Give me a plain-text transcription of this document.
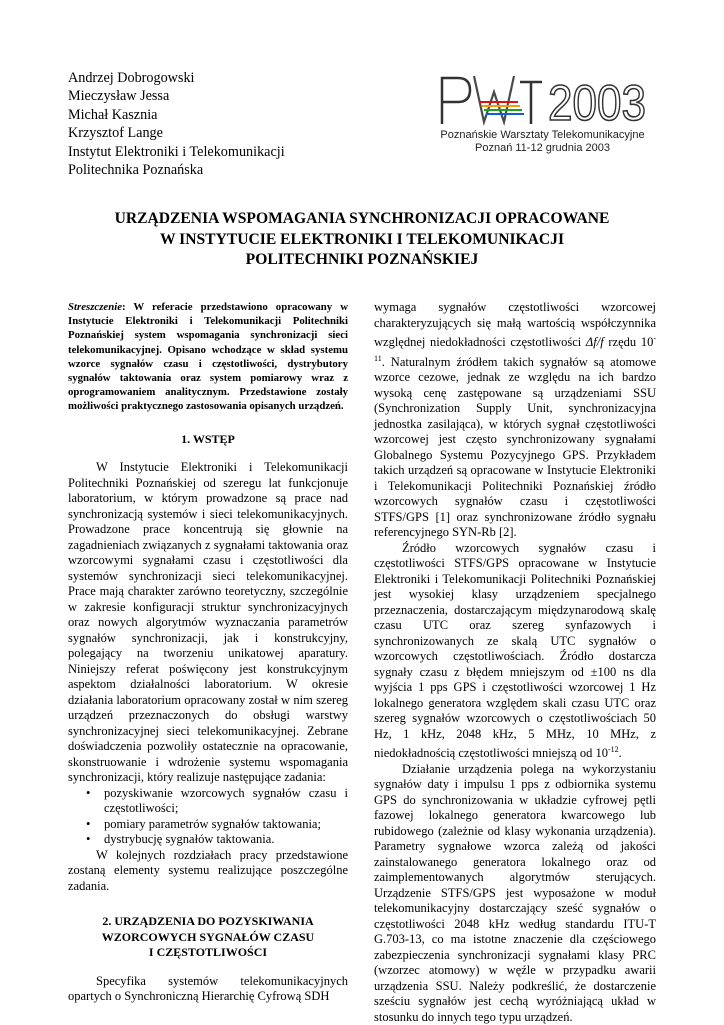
Andrzej Dobrogowski
Mieczysław Jessa
Michał Kasznia
Krzysztof Lange
Instytut Elektroniki i Telekomunikacji
Politechnika Poznańska
2003
Poznańskie Warsztaty Telekomunikacyjne
Poznań 11-12 grudnia 2003
URZĄDZENIA WSPOMAGANIA SYNCHRONIZACJI OPRACOWANE
W INSTYTUCIE ELEKTRONIKI I TELEKOMUNIKACJI
POLITECHNIKI POZNAŃSKIEJ

Streszczenie: W referacie przedstawiono opracowany w Instytucie Elektroniki i Telekomunikacji Politechniki Poznańskiej system wspomagania synchronizacji sieci telekomunikacyjnej. Opisano wchodzące w skład systemu wzorce sygnałów czasu i częstotliwości, dystrybutory sygnałów taktowania oraz system pomiarowy wraz z oprogramowaniem analitycznym. Przedstawione zostały możliwości praktycznego zastosowania opisanych urządzeń.

1. WSTĘP

W Instytucie Elektroniki i Telekomunikacji Politechniki Poznańskiej od szeregu lat funkcjonuje laboratorium, w którym prowadzone są prace nad synchronizacją systemów i sieci telekomunikacyjnych. Prowadzone prace koncentrują się głownie na zagadnieniach związanych z sygnałami taktowania oraz wzorcowymi sygnałami czasu i częstotliwości dla systemów synchronizacji sieci telekomunikacyjnej. Prace mają charakter zarówno teoretyczny, szczególnie w zakresie konfiguracji struktur synchronizacyjnych oraz nowych algorytmów wyznaczania parametrów sygnałów synchronizacji, jak i konstrukcyjny, polegający na tworzeniu unikatowej aparatury. Niniejszy referat poświęcony jest konstrukcyjnym aspektom działalności laboratorium. W okresie działania laboratorium opracowany został w nim szereg urządzeń przeznaczonych do obsługi warstwy synchronizacyjnej sieci telekomunikacyjnej. Zebrane doświadczenia pozwoliły ostatecznie na opracowanie, skonstruowanie i wdrożenie systemu wspomagania synchronizacji, który realizuje następujące zadania:

• pozyskiwanie wzorcowych sygnałów czasu i częstotliwości;
• pomiary parametrów sygnałów taktowania;
• dystrybucję sygnałów taktowania.

W kolejnych rozdziałach pracy przedstawione zostaną elementy systemu realizujące poszczególne zadania.

2. URZĄDZENIA DO POZYSKIWANIA
WZORCOWYCH SYGNAŁÓW CZASU
I CZĘSTOTLIWOŚCI

Specyfika systemów telekomunikacyjnych opartych o Synchroniczną Hierarchię Cyfrową SDH

wymaga sygnałów częstotliwości wzorcowej charakteryzujących się małą wartością współczynnika względnej niedokładności częstotliwości Δf/f rzędu $10^{-11}$. Naturalnym źródłem takich sygnałów są atomowe wzorce cezowe, jednak ze względu na ich bardzo wysoką cenę zastępowane są urządzeniami SSU (Synchronization Supply Unit, synchronizacyjna jednostka zasilająca), w których sygnał częstotliwości wzorcowej jest często synchronizowany sygnałami Globalnego Systemu Pozycyjnego GPS. Przykładem takich urządzeń są opracowane w Instytucie Elektroniki i Telekomunikacji Politechniki Poznańskiej źródło wzorcowych sygnałów czasu i częstotliwości STFS/GPS [1] oraz synchronizowane źródło sygnału referencyjnego SYN-Rb [2].

Źródło wzorcowych sygnałów czasu i częstotliwości STFS/GPS opracowane w Instytucie Elektroniki i Telekomunikacji Politechniki Poznańskiej jest wysokiej klasy urządzeniem specjalnego przeznaczenia, dostarczającym międzynarodową skalę czasu UTC oraz szereg synfazowych i synchronizowanych ze skalą UTC sygnałów o wzorcowych częstotliwościach. Źródło dostarcza sygnały czasu z błędem mniejszym od ±100 ns dla wyjścia 1 pps GPS i częstotliwości wzorcowej 1 Hz lokalnego generatora względem skali czasu UTC oraz szereg sygnałów wzorcowych o częstotliwościach 50 Hz, 1 kHz, 2048 kHz, 5 MHz, 10 MHz, z niedokładnością częstotliwości mniejszą od $10^{-12}$.

Działanie urządzenia polega na wykorzystaniu sygnałów daty i impulsu 1 pps z odbiornika systemu GPS do synchronizowania w układzie cyfrowej pętli fazowej lokalnego generatora kwarcowego lub rubidowego (zależnie od klasy wykonania urządzenia). Parametry sygnałowe wzorca zależą od jakości zainstalowanego generatora lokalnego oraz od zaimplementowanych algorytmów sterujących. Urządzenie STFS/GPS jest wyposażone w moduł telekomunikacyjny dostarczający sześć sygnałów o częstotliwości 2048 kHz według standardu ITU-T G.703-13, co ma istotne znaczenie dla częściowego zabezpieczenia synchronizacji sygnałami klasy PRC (wzorzec atomowy) w węźle w przypadku awarii urządzenia SSU. Należy podkreślić, że dostarczenie sześciu sygnałów jest cechą wyróżniającą układ w stosunku do innych tego typu urządzeń.
